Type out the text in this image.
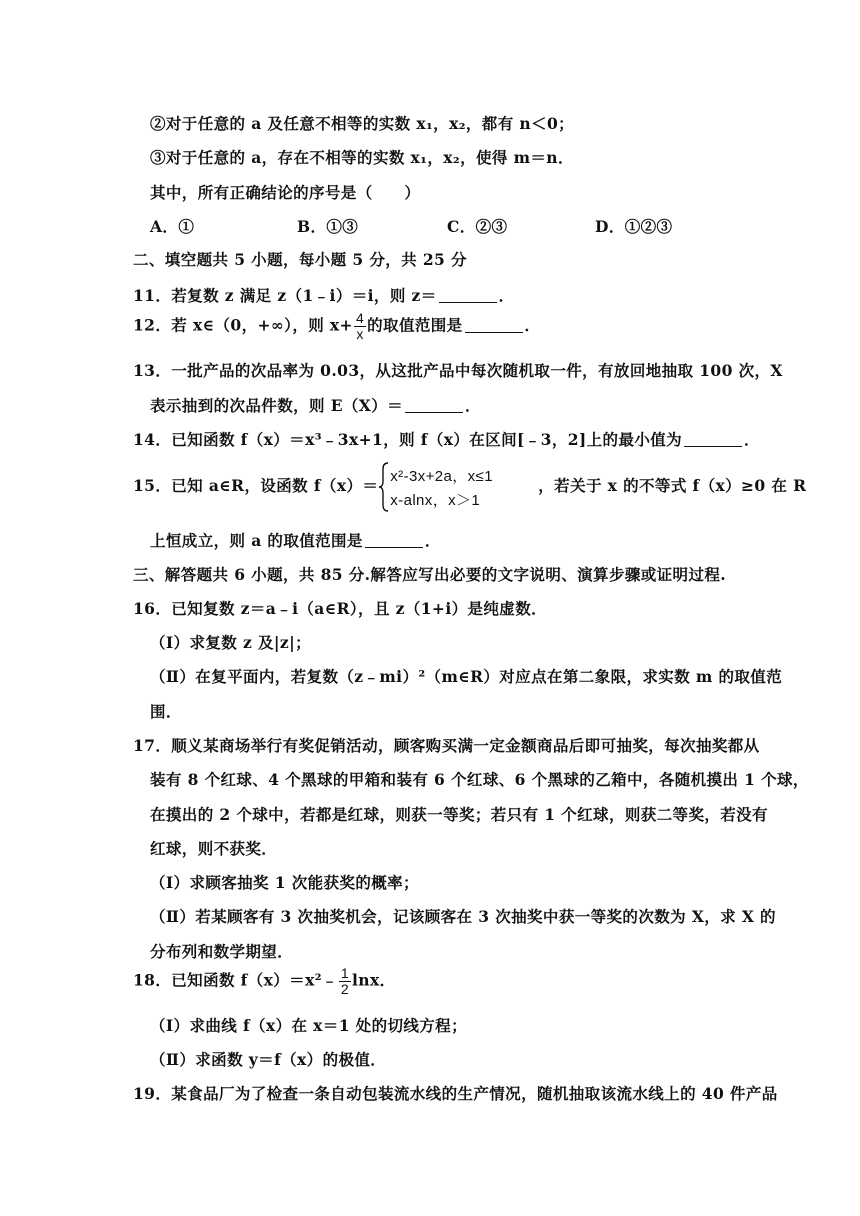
②对于任意的 a 及任意不相等的实数 x₁，x₂，都有 n＜0；
③对于任意的 a，存在不相等的实数 x₁，x₂，使得 m＝n．
其中，所有正确结论的序号是（　　）
A．①	B．①③	C．②③	D．①②③
二、填空题共 5 小题，每小题 5 分，共 25 分
11．若复数 z 满足 z（1﹣i）＝i，则 z＝	．
12．若 x∈（0，+∞），则 $x+ \frac{4}{x}$ 的取值范围是	．
13．一批产品的次品率为 0.03，从这批产品中每次随机取一件，有放回地抽取 100 次，X
表示抽到的次品件数，则 E（X）＝	．
14．已知函数 f（x）＝x³﹣3x+1，则 f（x）在区间[﹣3，2]上的最小值为	．
15．已知 a∈R，设函数 f（x）＝ x²-3x+2a，x≤1
x-alnx，x＞1
，若关于 x 的不等式 f（x）≥0 在 R
上恒成立，则 a 的取值范围是	．
三、解答题共 6 小题，共 85 分.解答应写出必要的文字说明、演算步骤或证明过程.
16．已知复数 z＝a﹣i（a∈R），且 z（1+i）是纯虚数．
（Ⅰ）求复数 z 及|z|；
（Ⅱ）在复平面内，若复数（z﹣mi）²（m∈R）对应点在第二象限，求实数 m 的取值范
围．
17．顺义某商场举行有奖促销活动，顾客购买满一定金额商品后即可抽奖，每次抽奖都从
装有 8 个红球、4 个黑球的甲箱和装有 6 个红球、6 个黑球的乙箱中，各随机摸出 1 个球，
在摸出的 2 个球中，若都是红球，则获一等奖；若只有 1 个红球，则获二等奖，若没有
红球，则不获奖．
（Ⅰ）求顾客抽奖 1 次能获奖的概率；
（Ⅱ）若某顾客有 3 次抽奖机会，记该顾客在 3 次抽奖中获一等奖的次数为 X，求 X 的
分布列和数学期望．
18．已知函数 f（x）＝x²﹣ $\frac{1}{2}$ lnx．
（Ⅰ）求曲线 f（x）在 x＝1 处的切线方程；
（Ⅱ）求函数 y＝f（x）的极值．
19．某食品厂为了检查一条自动包装流水线的生产情况，随机抽取该流水线上的 40 件产品
